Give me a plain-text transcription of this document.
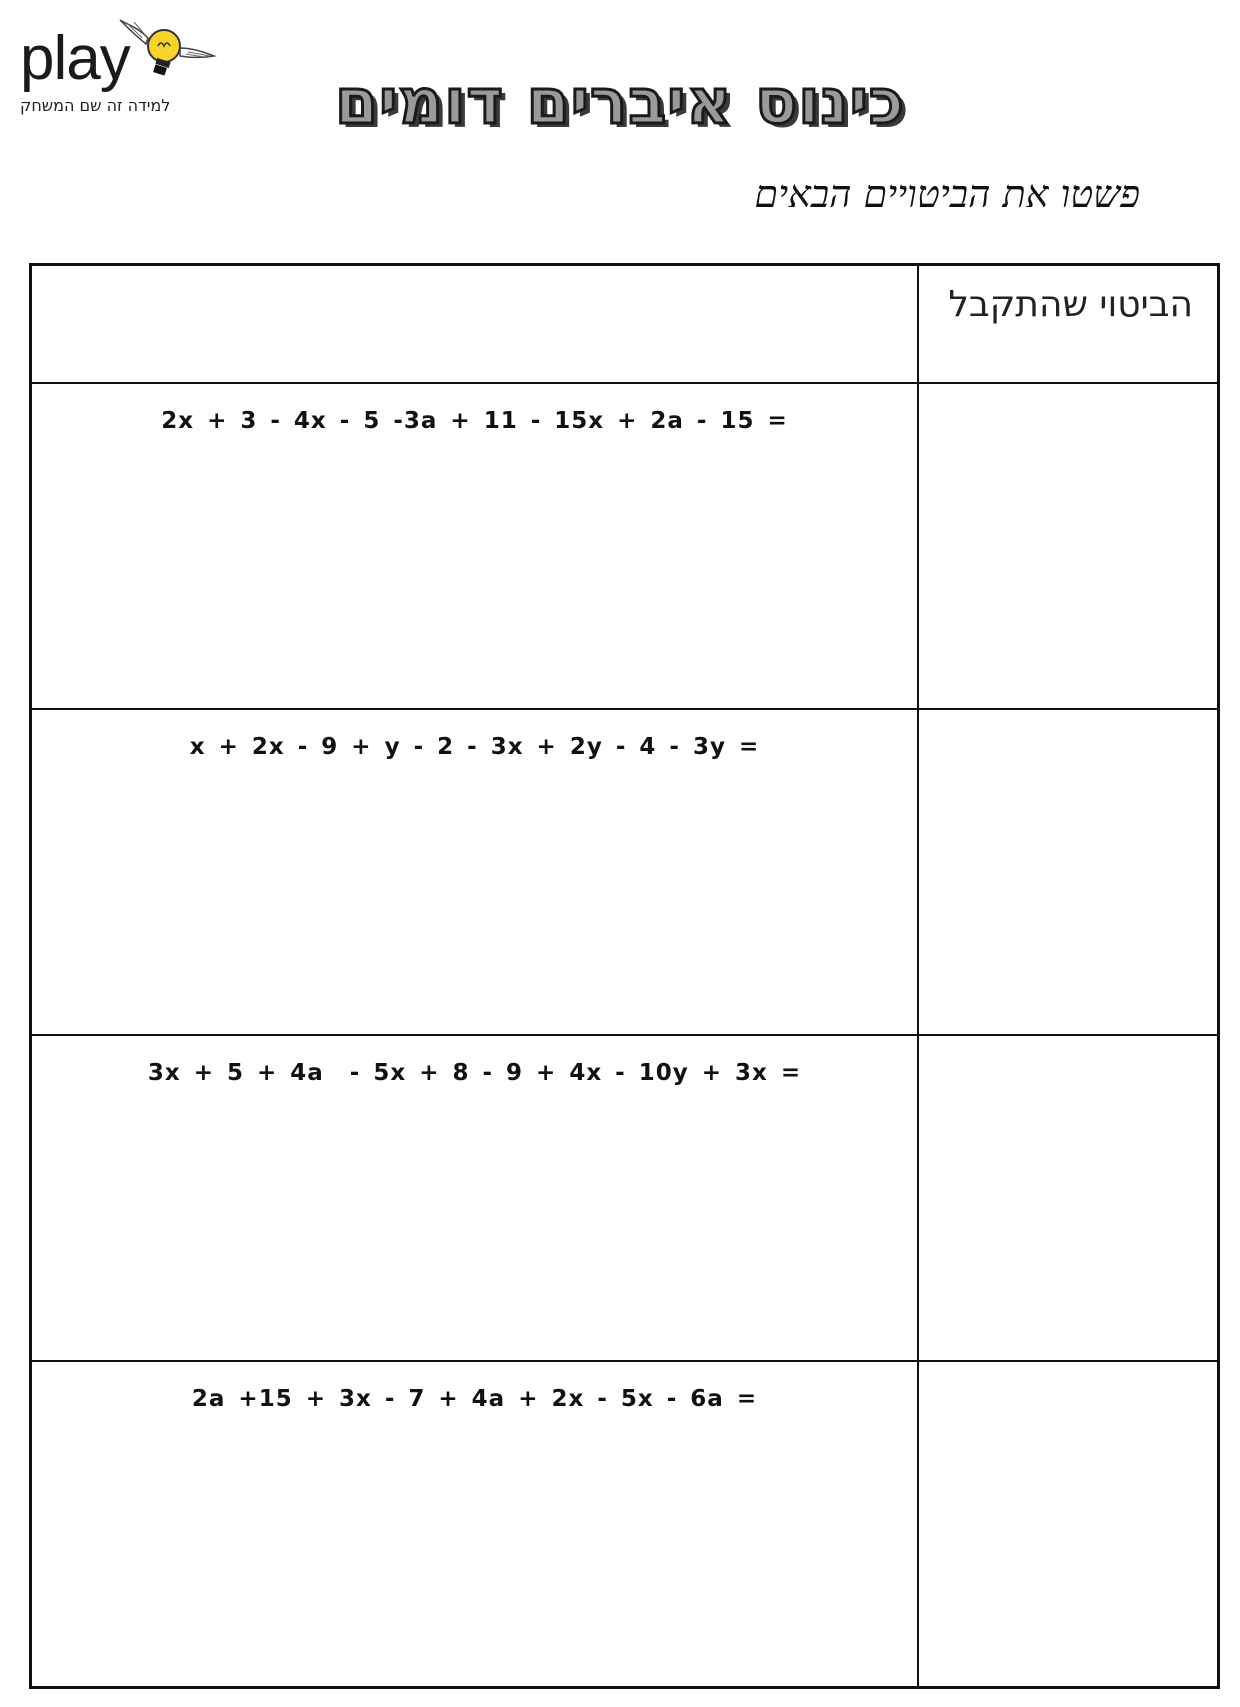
play
למידה זה שם המשחק	כינוס איברים דומים
פשטו את הביטויים הבאים
הביטוי שהתקבל
2x + 3 - 4x - 5 -3a + 11 - 15x + 2a - 15 =
x + 2x - 9 + y - 2 - 3x + 2y - 4 - 3y =
3x + 5 + 4a  - 5x + 8 - 9 + 4x - 10y + 3x =
2a +15 + 3x - 7 + 4a + 2x - 5x - 6a =
